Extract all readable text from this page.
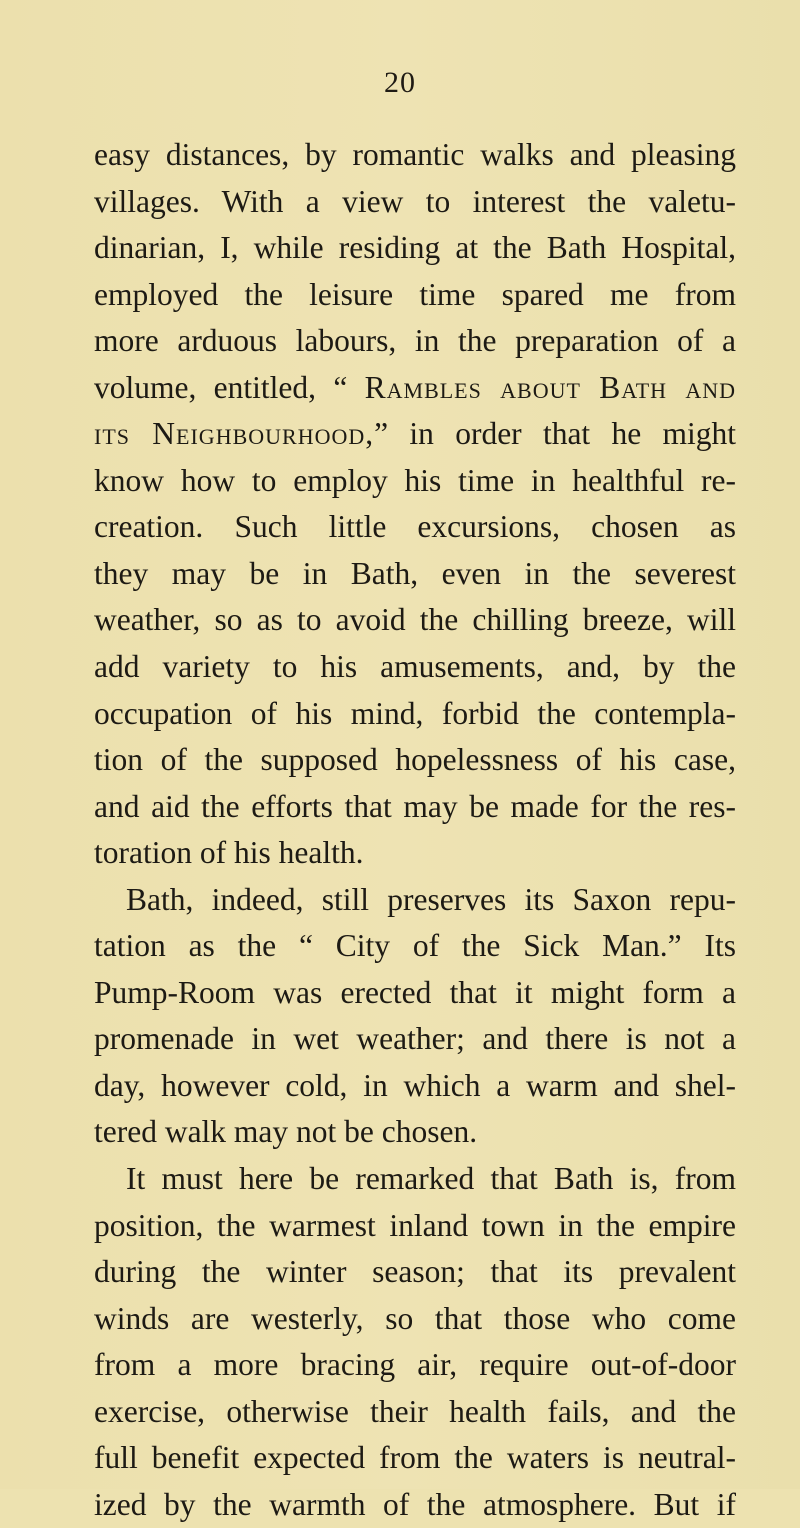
20
easy distances, by romantic walks and pleasing
villages. With a view to interest the valetu-
dinarian, I, while residing at the Bath Hospital,
employed the leisure time spared me from
more arduous labours, in the preparation of a
volume, entitled, “ Rambles about Bath and
its Neighbourhood,” in order that he might
know how to employ his time in healthful re-
creation. Such little excursions, chosen as
they may be in Bath, even in the severest
weather, so as to avoid the chilling breeze, will
add variety to his amusements, and, by the
occupation of his mind, forbid the contempla-
tion of the supposed hopelessness of his case,
and aid the efforts that may be made for the res-
toration of his health.
Bath, indeed, still preserves its Saxon repu-
tation as the “ City of the Sick Man.” Its
Pump-Room was erected that it might form a
promenade in wet weather; and there is not a
day, however cold, in which a warm and shel-
tered walk may not be chosen.
It must here be remarked that Bath is, from
position, the warmest inland town in the empire
during the winter season; that its prevalent
winds are westerly, so that those who come
from a more bracing air, require out-of-door
exercise, otherwise their health fails, and the
full benefit expected from the waters is neutral-
ized by the warmth of the atmosphere. But if
